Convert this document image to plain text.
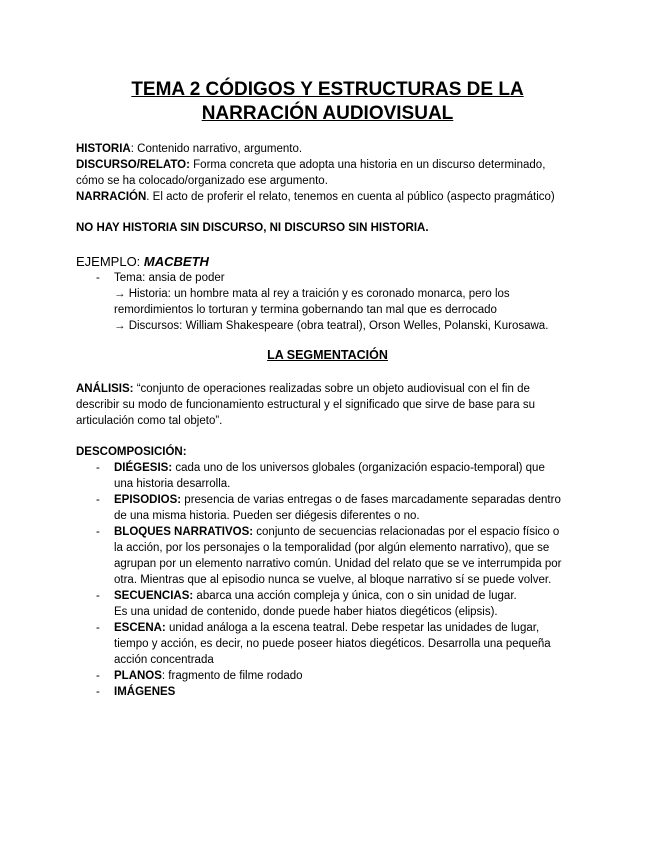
TEMA 2 CÓDIGOS Y ESTRUCTURAS DE LA
NARRACIÓN AUDIOVISUAL
HISTORIA: Contenido narrativo, argumento.
DISCURSO/RELATO: Forma concreta que adopta una historia en un discurso determinado,
cómo se ha colocado/organizado ese argumento.
NARRACIÓN. El acto de proferir el relato, tenemos en cuenta al público (aspecto pragmático)
NO HAY HISTORIA SIN DISCURSO, NI DISCURSO SIN HISTORIA.
EJEMPLO: MACBETH
- Tema: ansia de poder
→ Historia: un hombre mata al rey a traición y es coronado monarca, pero los
remordimientos lo torturan y termina gobernando tan mal que es derrocado
→ Discursos: William Shakespeare (obra teatral), Orson Welles, Polanski, Kurosawa.
LA SEGMENTACIÓN
ANÁLISIS: “conjunto de operaciones realizadas sobre un objeto audiovisual con el fin de
describir su modo de funcionamiento estructural y el significado que sirve de base para su
articulación como tal objeto”.
DESCOMPOSICIÓN:
- DIÉGESIS: cada uno de los universos globales (organización espacio-temporal) que
una historia desarrolla.
- EPISODIOS: presencia de varias entregas o de fases marcadamente separadas dentro
de una misma historia. Pueden ser diégesis diferentes o no.
- BLOQUES NARRATIVOS: conjunto de secuencias relacionadas por el espacio físico o
la acción, por los personajes o la temporalidad (por algún elemento narrativo), que se
agrupan por un elemento narrativo común. Unidad del relato que se ve interrumpida por
otra. Mientras que al episodio nunca se vuelve, al bloque narrativo sí se puede volver.
- SECUENCIAS: abarca una acción compleja y única, con o sin unidad de lugar.
Es una unidad de contenido, donde puede haber hiatos diegéticos (elipsis).
- ESCENA: unidad análoga a la escena teatral. Debe respetar las unidades de lugar,
tiempo y acción, es decir, no puede poseer hiatos diegéticos. Desarrolla una pequeña
acción concentrada
- PLANOS: fragmento de filme rodado
- IMÁGENES
